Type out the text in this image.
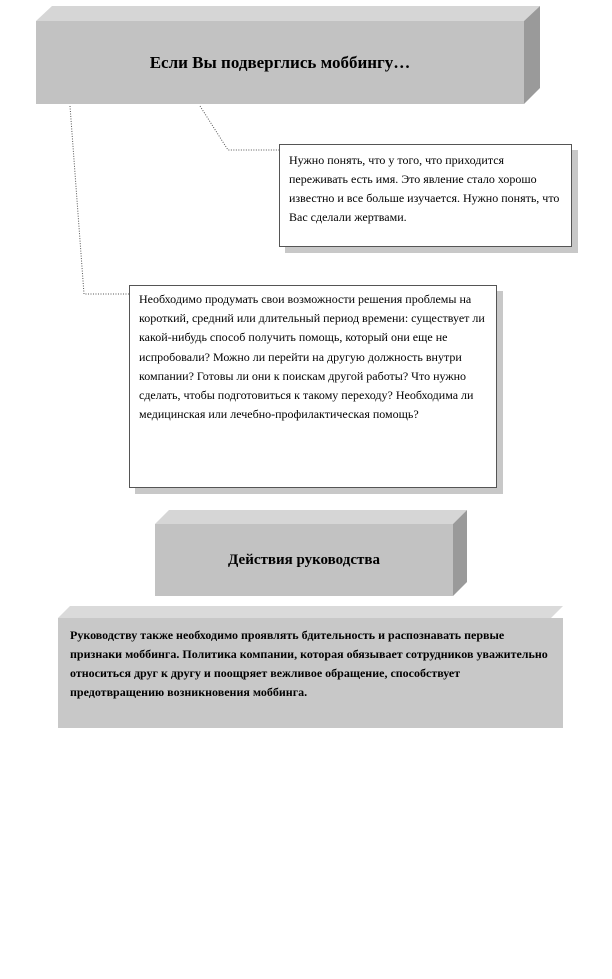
Если Вы подверглись моббингу…
Нужно понять, что у того, что приходится переживать есть имя. Это явление стало хорошо известно и все больше изучается. Нужно понять, что Вас сделали жертвами.
Необходимо продумать свои возможности решения проблемы на короткий, средний или длительный период времени: существует ли какой-нибудь способ получить помощь, который они еще не испробовали? Можно ли перейти на другую должность внутри компании? Готовы ли они к поискам другой работы? Что нужно сделать, чтобы подготовиться к такому переходу? Необходима ли медицинская или лечебно-профилактическая помощь?
Действия руководства
Руководству также необходимо проявлять бдительность и распознавать первые признаки моббинга. Политика компании, которая обязывает сотрудников уважительно относиться друг к другу и поощряет вежливое обращение, способствует предотвращению возникновения моббинга.
